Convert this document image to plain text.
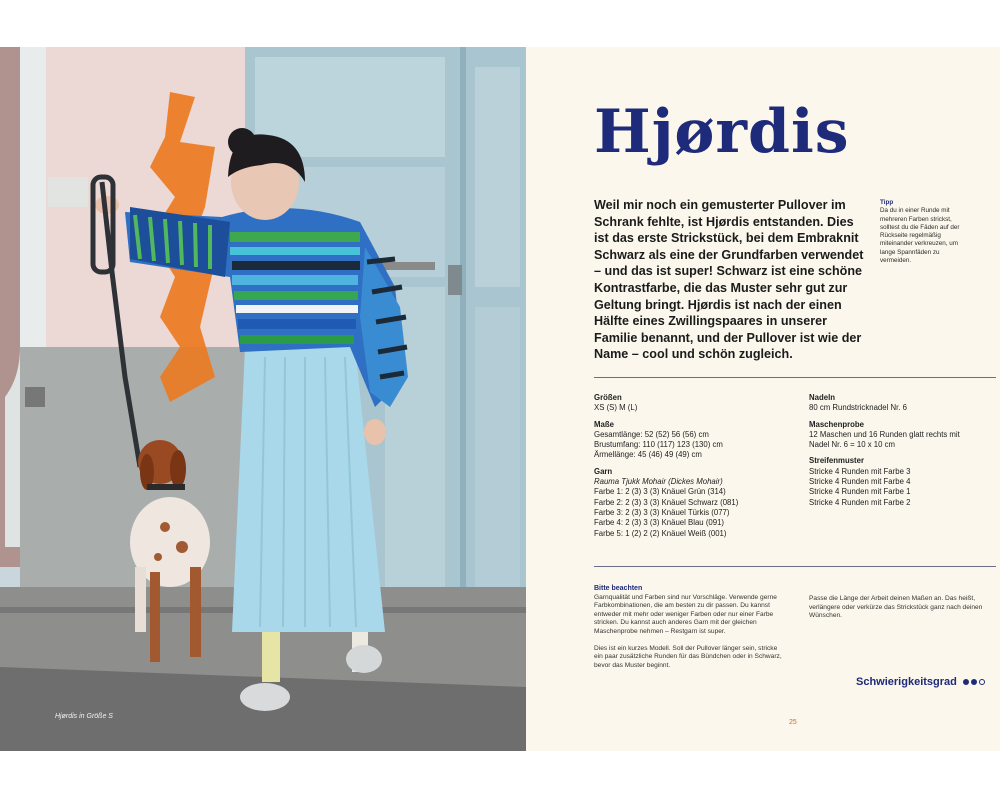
Hjørdis in Größe S
Hjørdis

Weil mir noch ein gemusterter Pullover im Schrank fehlte, ist Hjørdis entstanden. Dies ist das erste Strickstück, bei dem Embraknit Schwarz als eine der Grundfarben verwendet – und das ist super! Schwarz ist eine schöne Kontrastfarbe, die das Muster sehr gut zur Geltung bringt. Hjørdis ist nach der einen Hälfte eines Zwillingspaares in unserer Familie benannt, und der Pullover ist wie der Name – cool und schön zugleich.

Tipp
Da du in einer Runde mit mehreren Farben strickst, solltest du die Fäden auf der Rückseite regelmäßig miteinander verkreuzen, um lange Spannfäden zu vermeiden.
Größen
XS (S) M (L)
Maße
Gesamtlänge: 52 (52) 56 (56) cm
Brustumfang: 110 (117) 123 (130) cm
Ärmellänge: 45 (46) 49 (49) cm
Garn
Rauma Tjukk Mohair (Dickes Mohair)
Farbe 1: 2 (3) 3 (3) Knäuel Grün (314)
Farbe 2: 2 (3) 3 (3) Knäuel Schwarz (081)
Farbe 3: 2 (3) 3 (3) Knäuel Türkis (077)
Farbe 4: 2 (3) 3 (3) Knäuel Blau (091)
Farbe 5: 1 (2) 2 (2) Knäuel Weiß (001)
Nadeln
80 cm Rundstricknadel Nr. 6
Maschenprobe
12 Maschen und 16 Runden glatt rechts mit
Nadel Nr. 6 = 10 x 10 cm
Streifenmuster
Stricke 4 Runden mit Farbe 3
Stricke 4 Runden mit Farbe 4
Stricke 4 Runden mit Farbe 1
Stricke 4 Runden mit Farbe 2
Bitte beachten
Garnqualität und Farben sind nur Vorschläge. Verwende gerne Farbkombinationen, die am besten zu dir passen. Du kannst entweder mit mehr oder weniger Farben oder nur einer Farbe stricken. Du kannst auch anderes Garn mit der gleichen Maschenprobe nehmen – Restgarn ist super.
Dies ist ein kurzes Modell. Soll der Pullover länger sein, stricke ein paar zusätzliche Runden für das Bündchen oder in Schwarz, bevor das Muster beginnt.
Passe die Länge der Arbeit deinen Maßen an. Das heißt, verlängere oder verkürze das Strickstück ganz nach deinen Wünschen.
Schwierigkeitsgrad
25
